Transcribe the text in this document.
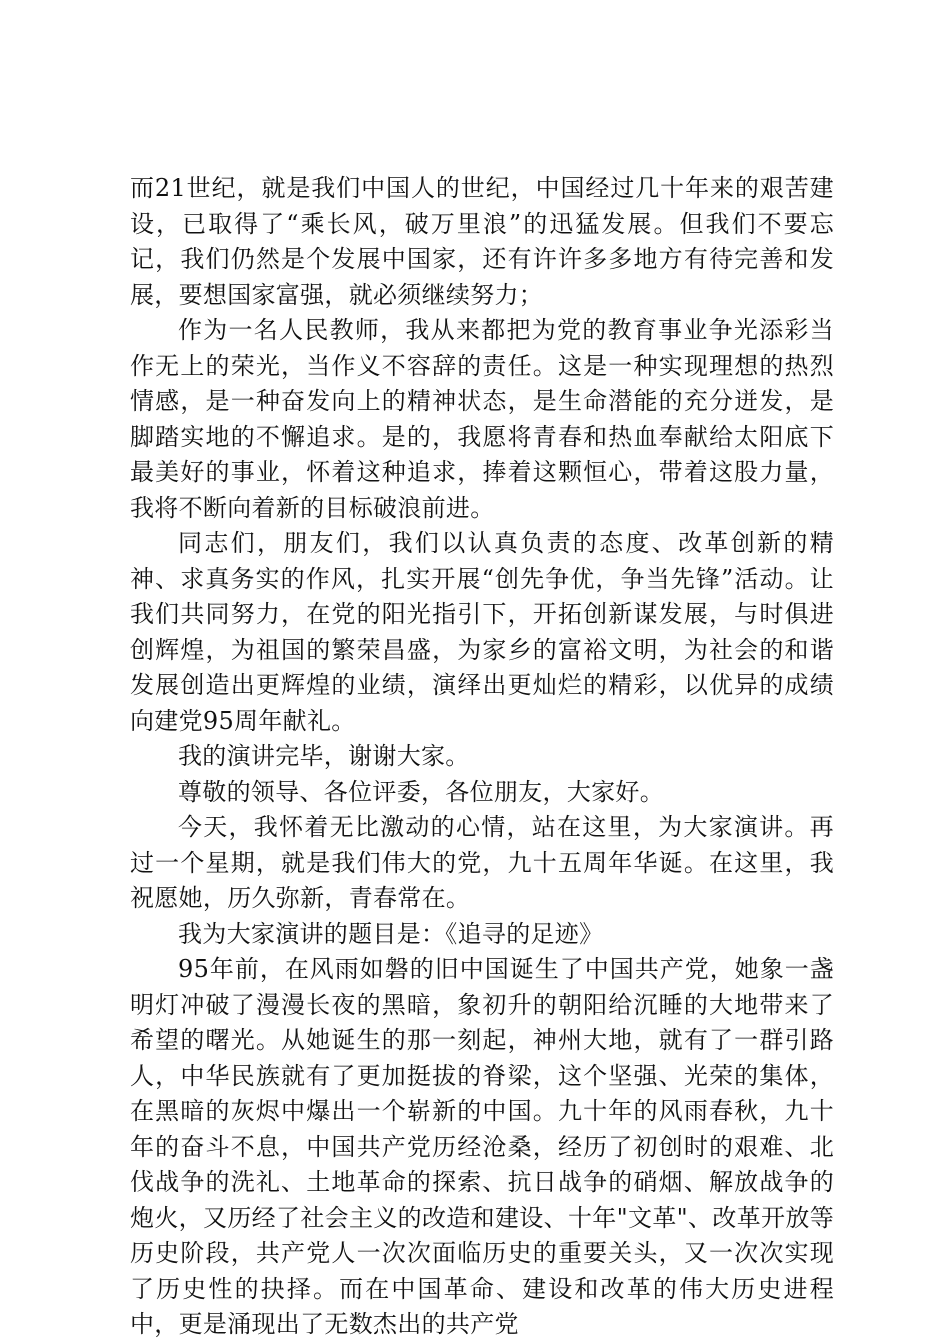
而21世纪，就是我们中国人的世纪，中国经过几十年来的艰苦建设，已取得了“乘长风，破万里浪”的迅猛发展。但我们不要忘记，我们仍然是个发展中国家，还有许许多多地方有待完善和发展，要想国家富强，就必须继续努力；

作为一名人民教师，我从来都把为党的教育事业争光添彩当作无上的荣光，当作义不容辞的责任。这是一种实现理想的热烈情感，是一种奋发向上的精神状态，是生命潜能的充分迸发，是脚踏实地的不懈追求。是的，我愿将青春和热血奉献给太阳底下最美好的事业，怀着这种追求，捧着这颗恒心，带着这股力量，我将不断向着新的目标破浪前进。

同志们，朋友们，我们以认真负责的态度、改革创新的精神、求真务实的作风，扎实开展“创先争优，争当先锋”活动。让我们共同努力，在党的阳光指引下，开拓创新谋发展，与时俱进创辉煌，为祖国的繁荣昌盛，为家乡的富裕文明，为社会的和谐发展创造出更辉煌的业绩，演绎出更灿烂的精彩，以优异的成绩向建党95周年献礼。

我的演讲完毕，谢谢大家。

尊敬的领导、各位评委，各位朋友，大家好。

今天，我怀着无比激动的心情，站在这里，为大家演讲。再过一个星期，就是我们伟大的党，九十五周年华诞。在这里，我祝愿她，历久弥新，青春常在。

我为大家演讲的题目是：《追寻的足迹》

95年前，在风雨如磐的旧中国诞生了中国共产党，她象一盏明灯冲破了漫漫长夜的黑暗，象初升的朝阳给沉睡的大地带来了希望的曙光。从她诞生的那一刻起，神州大地，就有了一群引路人，中华民族就有了更加挺拔的脊梁，这个坚强、光荣的集体，在黑暗的灰烬中爆出一个崭新的中国。九十年的风雨春秋，九十年的奋斗不息，中国共产党历经沧桑，经历了初创时的艰难、北伐战争的洗礼、土地革命的探索、抗日战争的硝烟、解放战争的炮火，又历经了社会主义的改造和建设、十年"文革"、改革开放等历史阶段，共产党人一次次面临历史的重要关头，又一次次实现了历史性的抉择。而在中国革命、建设和改革的伟大历史进程中，更是涌现出了无数杰出的共产党
